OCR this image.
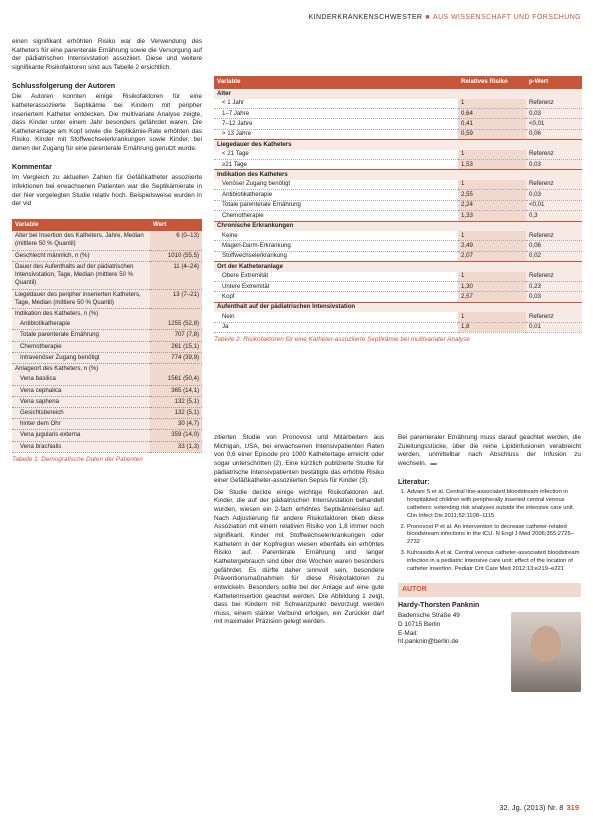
KINDERKRANKENSCHWESTER ■ AUS WISSENSCHAFT UND FORSCHUNG

einen signifikant erhöhten Risiko war die Verwendung des Katheters für eine parenterale Ernährung sowie die Versorgung auf der pädiatrischen Intensivstation assoziiert. Diese und weitere signifikante Risikofaktoren sind aus Tabelle 2 ersichtlich.

Schlussfolgerung der Autoren

Die Autoren konnten einige Risikofaktoren für eine katheterassoziierte Septikämie bei Kindern mit peripher inseriertem Katheter entdecken. Die multivariate Analyse zeigte, dass Kinder unter einem Jahr besonders gefährdet waren. Die Katheteranlage am Kopf sowie die Septikämie-Rate erhöhten das Risiko. Kinder mit Stoffwechselerkrankungen sowie Kinder, bei denen der Zugang für eine parenterale Ernährung genutzt wurde.

Kommentar

Im Vergleich zu aktuellen Zahlen für Gefäßkatheter assoziierte Infektionen bei erwachsenen Patienten war die Septikämierate in der hier vorgelegten Studie relativ hoch. Beispielsweise wurden in der vid

Variable	Wert
Alter bei Insertion des Katheters, Jahre, Median (mittlere 50 % Quantil)	6 (0–13)
Geschlecht männlich, n (%)	1010 (55,5)
Dauer des Aufenthalts auf der pädiatrischen Intensivstation, Tage, Median (mittlere 50 % Quantil)	11 (4–24)
Liegedauer des peripher inserierten Katheters, Tage, Median (mittlere 50 % Quantil)	13 (7–21)
Indikation des Katheters, n (%)	
Antibiotikatherapie	1255 (52,8)
Totale parenterale Ernährung	707 (7,8)
Chemotherapie	261 (15,1)
Intravenöser Zugang benötigt	774 (39,9)
Anlageort des Katheters, n (%)	
Vena basilica	1561 (50,4)
Vena cephalica	365 (14,1)
Vena saphena	132 (5,1)
Gesichtsbereich	132 (5,1)
hinter dem Ohr	30 (4,7)
Vena jugularis externa	359 (14,0)
Vena brachialis	33 (1,3)
Tabelle 1: Demografische Daten der Patienten
Variable	Relatives Risiko	p-Wert
Alter		
< 1 Jahr	1	Referenz
1–7 Jahre	0,64	0,03
7–12 Jahre	0,41	<0,01
> 13 Jahre	0,59	0,06
Liegedauer des Katheters		
< 21 Tage	1	Referenz
≥21 Tage	1,53	0,03
Indikation des Katheters		
Venöser Zugang benötigt	1	Referenz
Antibiotikatherapie	2,55	0,03
Totale parenterale Ernährung	2,24	<0,01
Chemotherapie	1,33	0,3
Chronische Erkrankungen		
Keine	1	Referenz
Magen-Darm-Erkrankung	2,49	0,06
Stoffwechselerkrankung	2,07	0,02
Ort der Katheteranlage		
Obere Extremität	1	Referenz
Untere Extremität	1,30	0,23
Kopf	2,57	0,03
Aufenthalt auf der pädiatrischen Intensivstation		
Nein	1	Referenz
Ja	1,8	0,01
Tabelle 2: Risikofaktoren für eine Katheter-assoziierte Septikämie bei multivariater Analyse

zitierten Studie von Pronovost und Mitarbeitern aus Michigan, USA, bei erwachsenen Intensivpatienten Raten von 0,6 einer Episode pro 1000 Kathetertage erreicht oder sogar unterschritten (2). Eine kürzlich publizierte Studie für pädiatrische Intensivpatienten bestätigte das erhöhte Risiko einer Gefäßkatheter-assoziierten Sepsis für Kinder (3).

Die Studie deckte einige wichtige Risikofaktoren auf. Kinder, die auf der pädiatrischen Intensivstation behandelt wurden, wiesen ein 2-fach erhöhtes Septikämierisiko auf. Nach Adjustierung für andere Risikofaktoren blieb diese Assoziation mit einem relativen Risiko von 1,8 immer noch signifikant. Kinder mit Stoffwechselerkrankungen oder Kathetern in der Kopfregion wiesen ebenfalls ein erhöhtes Risiko auf. Parenterale Ernährung und langer Kathetergebrauch sind über drei Wochen waren besonders gefährdet. Es dürfte daher sinnvoll sein, besondere Präventionsmaßnahmen für diese Risikofaktoren zu entwickeln. Besonders sollte bei der Anlage auf eine gute Katheterinsertion geachtet werden. Die Abbildung 1 zeigt, dass bei Kindern mit Schwanzpunkt bevorzugt werden muss, einem stärker Verbund erfolgen, ein Zurücker darf mit maximaler Präzision gelegt werden.

Bei parenteraler Ernährung muss darauf geachtet werden, die Zuleitungsstücke, über die reine Lipidinfusionen verabreicht werden, unmittelbar nach Abschluss der Infusion zu wechseln. ▬

Literatur:
1. Advani S et al. Central line-associated bloodstream infection in hospitalized children with peripherally inserted central venous catheters: extending risk analyses outside the intensive care unit. Clin Infect Dis 2011;52:1108–1115
2. Pronovost P et al. An intervention to decrease catheter-related bloodstream infections in the ICU. N Engl J Med 2006;355:2725–2732
3. Kuhrasidis A et al. Central venous catheter-associated bloodstream infection in a pediatric intensive care unit: effect of the location of catheter insertion. Pediatr Crit Care Med 2012;13:e219–e221
AUTOR
Hardy-Thorsten Panknin
Badensche Straße 49
D 10715 Berlin
E-Mail:
ht.panknin@berlin.de
32. Jg. (2013) Nr. 8 319
